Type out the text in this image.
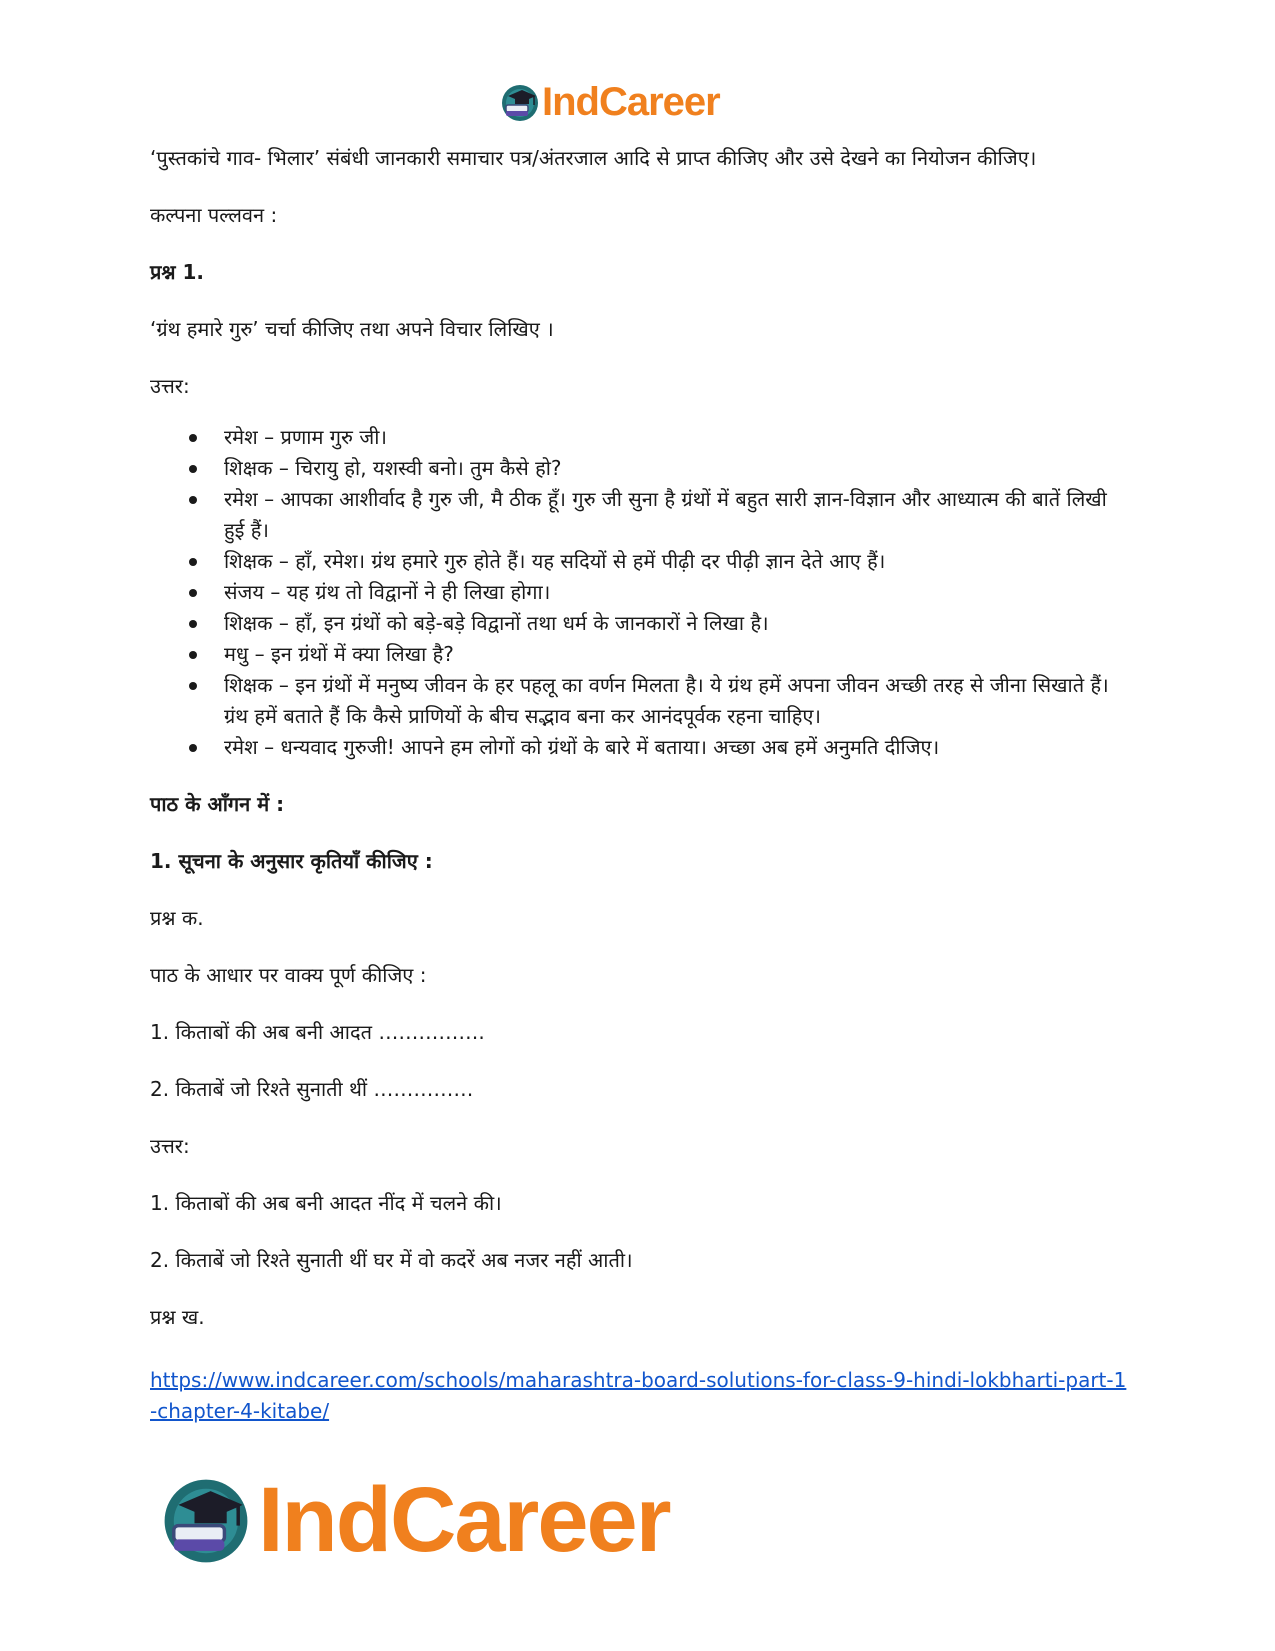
IndCareer

‘पुस्तकांचे गाव- भिलार’ संबंधी जानकारी समाचार पत्र/अंतरजाल आदि से प्राप्त कीजिए और उसे देखने का नियोजन कीजिए।

कल्पना पल्लवन :

प्रश्न 1.

‘ग्रंथ हमारे गुरु’ चर्चा कीजिए तथा अपने विचार लिखिए ।

उत्तर:

रमेश – प्रणाम गुरु जी।
शिक्षक – चिरायु हो, यशस्वी बनो। तुम कैसे हो?
रमेश – आपका आशीर्वाद है गुरु जी, मै ठीक हूँ। गुरु जी सुना है ग्रंथों में बहुत सारी ज्ञान-विज्ञान और आध्यात्म की बातें लिखी हुई हैं।
शिक्षक – हाँ, रमेश। ग्रंथ हमारे गुरु होते हैं। यह सदियों से हमें पीढ़ी दर पीढ़ी ज्ञान देते आए हैं।
संजय – यह ग्रंथ तो विद्वानों ने ही लिखा होगा।
शिक्षक – हाँ, इन ग्रंथों को बड़े-बड़े विद्वानों तथा धर्म के जानकारों ने लिखा है।
मधु – इन ग्रंथों में क्या लिखा है?
शिक्षक – इन ग्रंथों में मनुष्य जीवन के हर पहलू का वर्णन मिलता है। ये ग्रंथ हमें अपना जीवन अच्छी तरह से जीना सिखाते हैं। ग्रंथ हमें बताते हैं कि कैसे प्राणियों के बीच सद्भाव बना कर आनंदपूर्वक रहना चाहिए।
रमेश – धन्यवाद गुरुजी! आपने हम लोगों को ग्रंथों के बारे में बताया। अच्छा अब हमें अनुमति दीजिए।

पाठ के आँगन में :

1. सूचना के अनुसार कृतियाँ कीजिए :

प्रश्न क.

पाठ के आधार पर वाक्य पूर्ण कीजिए :

1. किताबों की अब बनी आदत …………….

2. किताबें जो रिश्ते सुनाती थीं ……………

उत्तर:

1. किताबों की अब बनी आदत नींद में चलने की।

2. किताबें जो रिश्ते सुनाती थीं घर में वो कदरें अब नजर नहीं आती।

प्रश्न ख.

https://www.indcareer.com/schools/maharashtra-board-solutions-for-class-9-hindi-lokbharti-part-1-chapter-4-kitabe/

IndCareer
